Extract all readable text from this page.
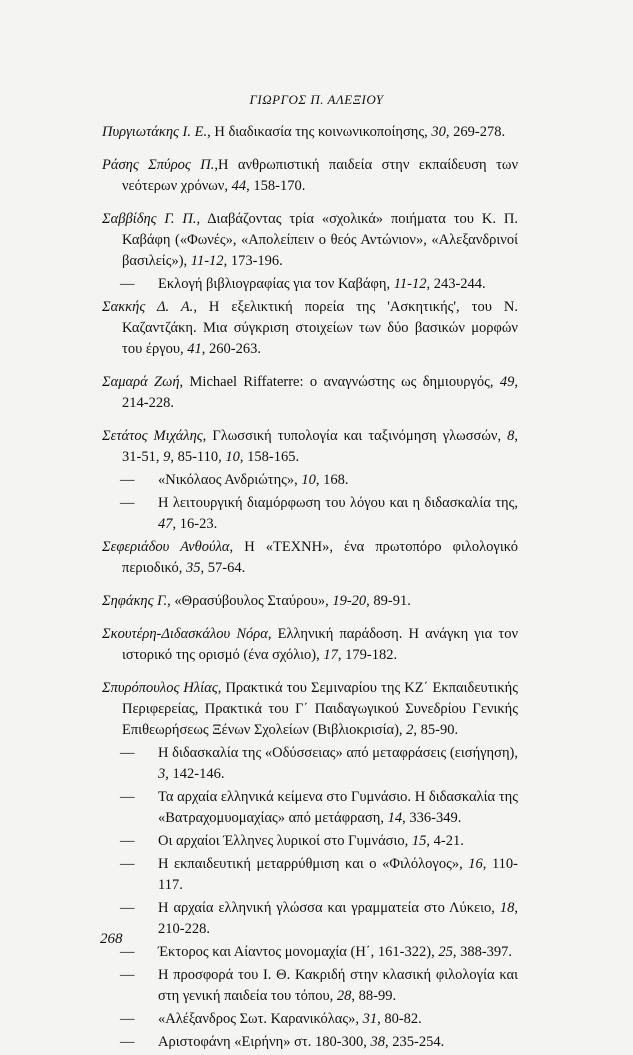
ΓΙΩΡΓΟΣ Π. ΑΛΕΞΙΟΥ

Πυργιωτάκης Ι. Ε., Η διαδικασία της κοινωνικοποίησης, 30, 269-278.

Ράσης Σπύρος Π.,Η ανθρωπιστική παιδεία στην εκπαίδευση των νεότερων χρόνων, 44, 158-170.

Σαββίδης Γ. Π., Διαβάζοντας τρία «σχολικά» ποιήματα του Κ. Π. Καβάφη («Φωνές», «Απολείπειν ο θεός Αντώνιον», «Αλεξανδρινοί βασιλείς»), 11-12, 173-196.

— Εκλογή βιβλιογραφίας για τον Καβάφη, 11-12, 243-244.

Σακκής Δ. Α., Η εξελικτική πορεία της 'Ασκητικής', του Ν. Καζαντζάκη. Μια σύγκριση στοιχείων των δύο βασικών μορφών του έργου, 41, 260-263.

Σαμαρά Ζωή, Michael Riffaterre: ο αναγνώστης ως δημιουργός, 49, 214-228.

Σετάτος Μιχάλης, Γλωσσική τυπολογία και ταξινόμηση γλωσσών, 8, 31-51, 9, 85-110, 10, 158-165.

— «Νικόλαος Ανδριώτης», 10, 168.

— Η λειτουργική διαμόρφωση του λόγου και η διδασκαλία της, 47, 16-23.

Σεφεριάδου Ανθούλα, Η «ΤΕΧΝΗ», ένα πρωτοπόρο φιλολογικό περιοδικό, 35, 57-64.

Σηφάκης Γ., «Θρασύβουλος Σταύρου», 19-20, 89-91.

Σκουτέρη-Διδασκάλου Νόρα, Ελληνική παράδοση. Η ανάγκη για τον ιστορικό της ορισμό (ένα σχόλιο), 17, 179-182.

Σπυρόπουλος Ηλίας, Πρακτικά του Σεμιναρίου της ΚΖ΄ Εκπαιδευτικής Περιφερείας, Πρακτικά του Γ΄ Παιδαγωγικού Συνεδρίου Γενικής Επιθεωρήσεως Ξένων Σχολείων (Βιβλιοκρισία), 2, 85-90.

— Η διδασκαλία της «Οδύσσειας» από μεταφράσεις (εισήγηση), 3, 142-146.

— Τα αρχαία ελληνικά κείμενα στο Γυμνάσιο. Η διδασκαλία της «Βατραχομυομαχίας» από μετάφραση, 14, 336-349.

— Οι αρχαίοι Έλληνες λυρικοί στο Γυμνάσιο, 15, 4-21.

— Η εκπαιδευτική μεταρρύθμιση και ο «Φιλόλογος», 16, 110-117.

— Η αρχαία ελληνική γλώσσα και γραμματεία στο Λύκειο, 18, 210-228.

— Έκτορος και Αίαντος μονομαχία (Η΄, 161-322), 25, 388-397.

— Η προσφορά του Ι. Θ. Κακριδή στην κλασική φιλολογία και στη γενική παιδεία του τόπου, 28, 88-99.

— «Αλέξανδρος Σωτ. Καρανικόλας», 31, 80-82.

— Αριστοφάνη «Ειρήνη» στ. 180-300, 38, 235-254.

268
